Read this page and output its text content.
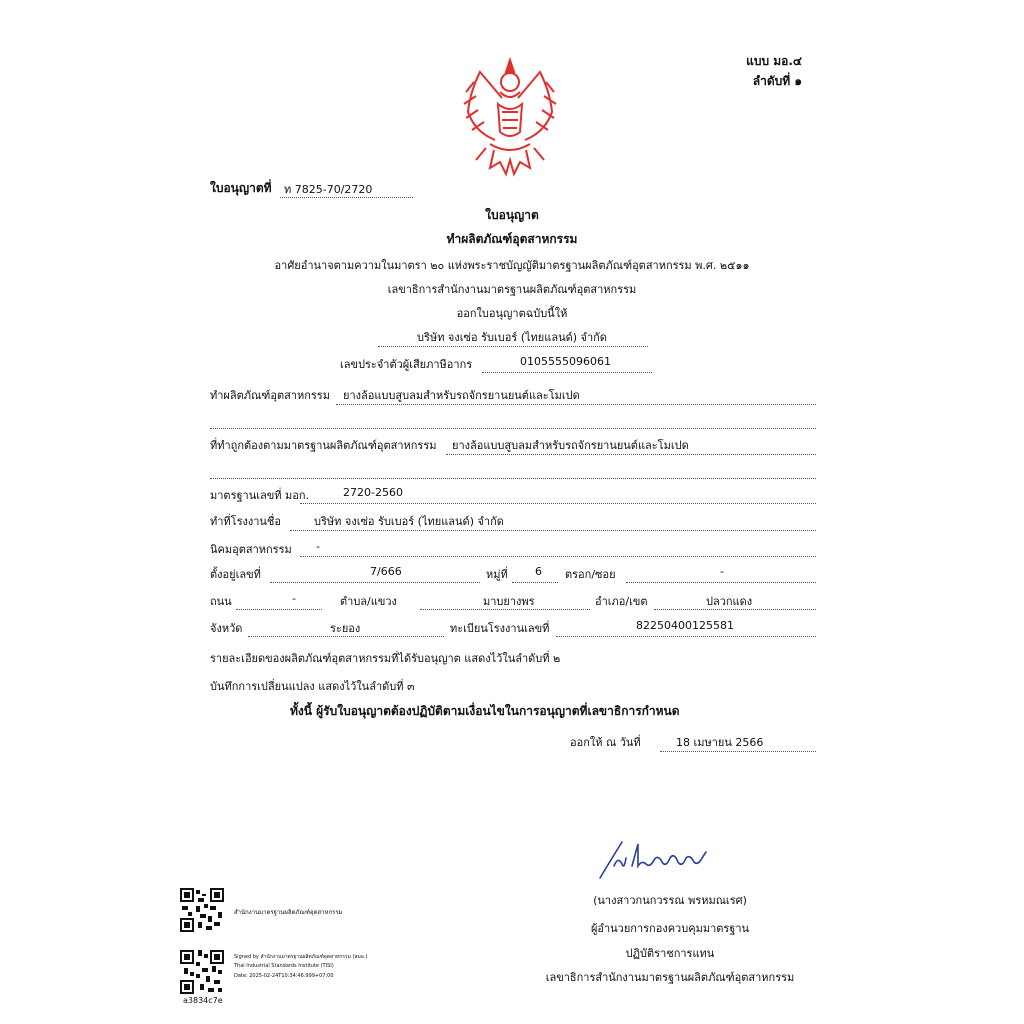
แบบ มอ.๔
ลำดับที่ ๑
ใบอนุญาตที่ ท 7825-70/2720
ใบอนุญาต
ทำผลิตภัณฑ์อุตสาหกรรม
อาศัยอำนาจตามความในมาตรา ๒๐ แห่งพระราชบัญญัติมาตรฐานผลิตภัณฑ์อุตสาหกรรม พ.ศ. ๒๕๑๑
เลขาธิการสำนักงานมาตรฐานผลิตภัณฑ์อุตสาหกรรม
ออกใบอนุญาตฉบับนี้ให้
บริษัท จงเซ่อ รับเบอร์ (ไทยแลนด์) จำกัด
เลขประจำตัวผู้เสียภาษีอากร	0105555096061
ทำผลิตภัณฑ์อุตสาหกรรม ยางล้อแบบสูบลมสำหรับรถจักรยานยนต์และโมเปด
ที่ทำถูกต้องตามมาตรฐานผลิตภัณฑ์อุตสาหกรรม ยางล้อแบบสูบลมสำหรับรถจักรยานยนต์และโมเปด
มาตรฐานเลขที่ มอก.	2720-2560
ทำที่โรงงานชื่อ	บริษัท จงเซ่อ รับเบอร์ (ไทยแลนด์) จำกัด
นิคมอุตสาหกรรม -
ตั้งอยู่เลขที่	7/666	หมู่ที่ 6 ตรอก/ซอย	-
ถนน	-	ตำบล/แขวง	มาบยางพร	อำเภอ/เขต	ปลวกแดง
จังหวัด	ระยอง	ทะเบียนโรงงานเลขที่	82250400125581
รายละเอียดของผลิตภัณฑ์อุตสาหกรรมที่ได้รับอนุญาต แสดงไว้ในลำดับที่ ๒
บันทึกการเปลี่ยนแปลง แสดงไว้ในลำดับที่ ๓
ทั้งนี้ ผู้รับใบอนุญาตต้องปฏิบัติตามเงื่อนไขในการอนุญาตที่เลขาธิการกำหนด
ออกให้ ณ วันที่	18 เมษายน 2566
(นางสาวกนกวรรณ พรหมณเรศ)
ผู้อำนวยการกองควบคุมมาตรฐาน
ปฏิบัติราชการแทน
เลขาธิการสำนักงานมาตรฐานผลิตภัณฑ์อุตสาหกรรม
สำนักงานมาตรฐานผลิตภัณฑ์อุตสาหกรรม
Signed by สำนักงานมาตรฐานผลิตภัณฑ์อุตสาหกรรม (สมอ.)
Thai Industrial Standards Institute (TISI)
Date: 2025-02-24T10:34:46.999+07:00
a3834c7e
